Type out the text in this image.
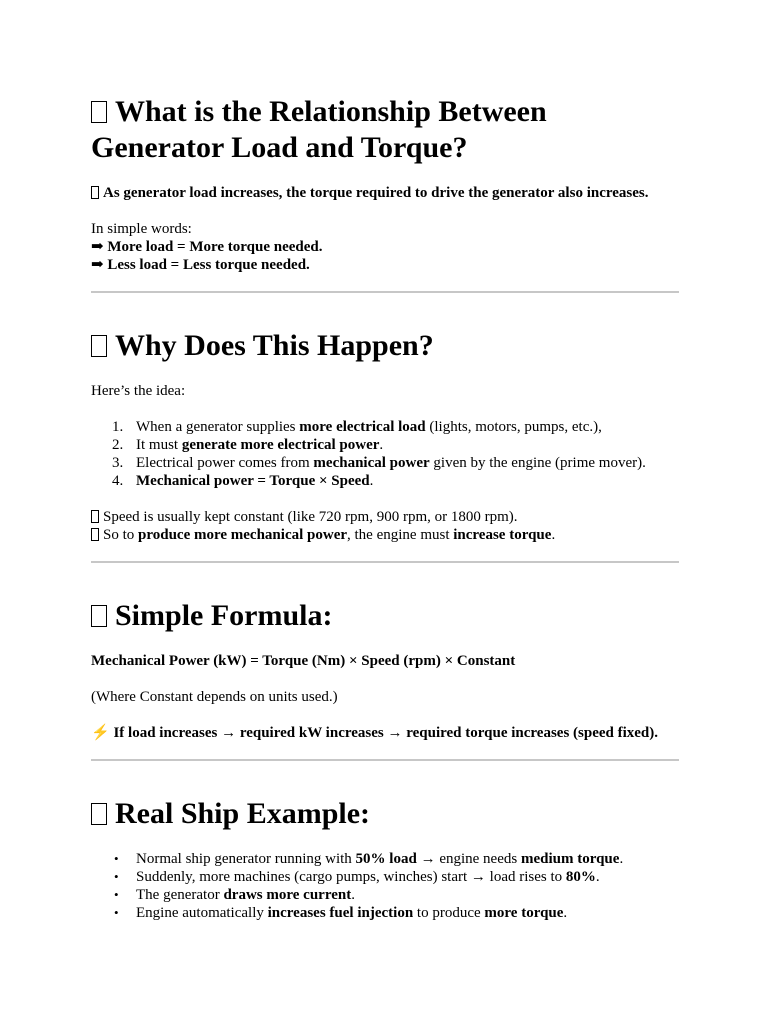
What is the Relationship Between
Generator Load and Torque?

As generator load increases, the torque required to drive the generator also increases.

In simple words:

➡ More load = More torque needed.

➡ Less load = Less torque needed.

Why Does This Happen?

Here’s the idea:

1. When a generator supplies more electrical load (lights, motors, pumps, etc.),
2. It must generate more electrical power.
3. Electrical power comes from mechanical power given by the engine (prime mover).
4. Mechanical power = Torque × Speed.

Speed is usually kept constant (like 720 rpm, 900 rpm, or 1800 rpm).

So to produce more mechanical power, the engine must increase torque.

Simple Formula:

Mechanical Power (kW) = Torque (Nm) × Speed (rpm) × Constant

(Where Constant depends on units used.)

⚡ If load increases → required kW increases → required torque increases (speed fixed).

Real Ship Example:
• Normal ship generator running with 50% load → engine needs medium torque.
• Suddenly, more machines (cargo pumps, winches) start → load rises to 80%.
• The generator draws more current.
• Engine automatically increases fuel injection to produce more torque.
